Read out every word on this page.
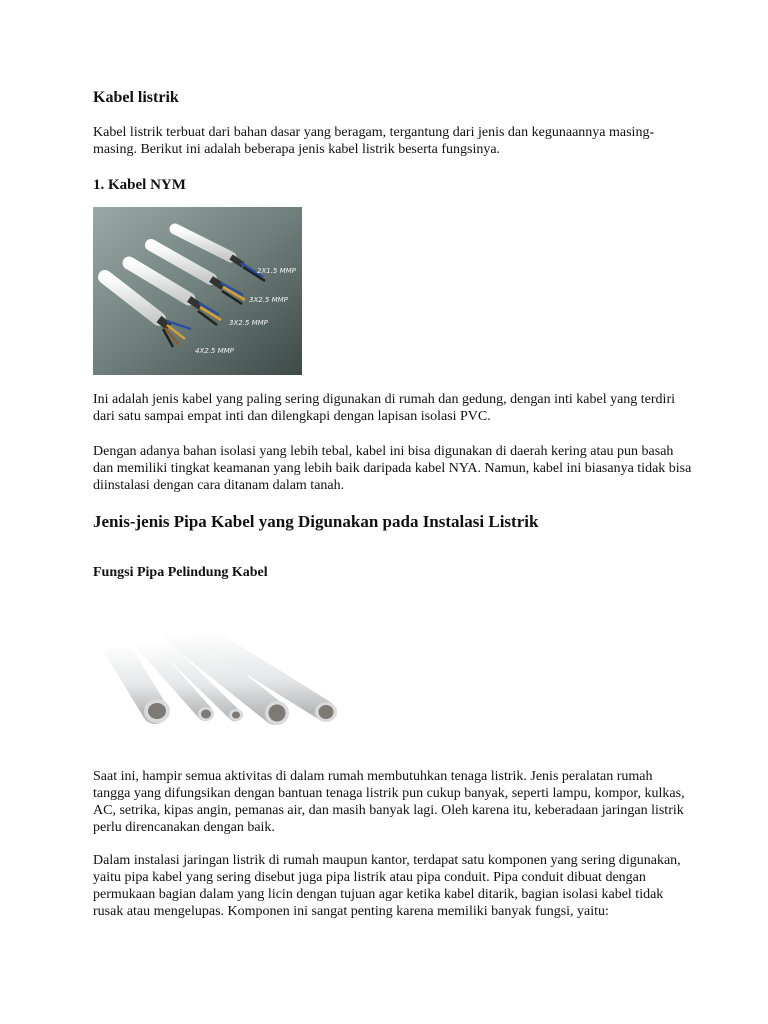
Kabel listrik

Kabel listrik terbuat dari bahan dasar yang beragam, tergantung dari jenis dan kegunaannya masing-masing. Berikut ini adalah beberapa jenis kabel listrik beserta fungsinya.

1. Kabel NYM
2X1.5 MMP
3X2.5 MMP
3X2.5 MMP
4X2.5 MMP

Ini adalah jenis kabel yang paling sering digunakan di rumah dan gedung, dengan inti kabel yang terdiri dari satu sampai empat inti dan dilengkapi dengan lapisan isolasi PVC.

Dengan adanya bahan isolasi yang lebih tebal, kabel ini bisa digunakan di daerah kering atau pun basah dan memiliki tingkat keamanan yang lebih baik daripada kabel NYA. Namun, kabel ini biasanya tidak bisa diinstalasi dengan cara ditanam dalam tanah.

Jenis-jenis Pipa Kabel yang Digunakan pada Instalasi Listrik
Fungsi Pipa Pelindung Kabel

Saat ini, hampir semua aktivitas di dalam rumah membutuhkan tenaga listrik. Jenis peralatan rumah tangga yang difungsikan dengan bantuan tenaga listrik pun cukup banyak, seperti lampu, kompor, kulkas, AC, setrika, kipas angin, pemanas air, dan masih banyak lagi. Oleh karena itu, keberadaan jaringan listrik perlu direncanakan dengan baik.

Dalam instalasi jaringan listrik di rumah maupun kantor, terdapat satu komponen yang sering digunakan, yaitu pipa kabel yang sering disebut juga pipa listrik atau pipa conduit. Pipa conduit dibuat dengan permukaan bagian dalam yang licin dengan tujuan agar ketika kabel ditarik, bagian isolasi kabel tidak rusak atau mengelupas. Komponen ini sangat penting karena memiliki banyak fungsi, yaitu:
